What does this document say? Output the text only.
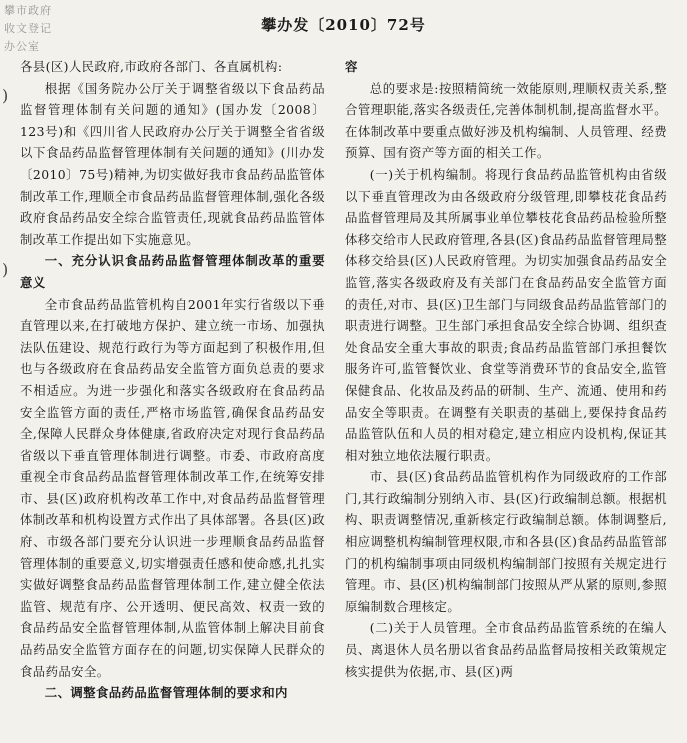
攀市政府
收文登记
办公室
攀办发〔2010〕72号
)
)

各县(区)人民政府,市政府各部门、各直属机构:

根据《国务院办公厅关于调整省级以下食品药品监督管理体制有关问题的通知》(国办发〔2008〕123号)和《四川省人民政府办公厅关于调整全省省级以下食品药品监督管理体制有关问题的通知》(川办发〔2010〕75号)精神,为切实做好我市食品药品监管体制改革工作,理顺全市食品药品监督管理体制,强化各级政府食品药品安全综合监管责任,现就食品药品监管体制改革工作提出如下实施意见。

一、充分认识食品药品监督管理体制改革的重要意义

全市食品药品监管机构自2001年实行省级以下垂直管理以来,在打破地方保护、建立统一市场、加强执法队伍建设、规范行政行为等方面起到了积极作用,但也与各级政府在食品药品安全监管方面负总责的要求不相适应。为进一步强化和落实各级政府在食品药品安全监管方面的责任,严格市场监管,确保食品药品安全,保障人民群众身体健康,省政府决定对现行食品药品省级以下垂直管理体制进行调整。市委、市政府高度重视全市食品药品监督管理体制改革工作,在统筹安排市、县(区)政府机构改革工作中,对食品药品监督管理体制改革和机构设置方式作出了具体部署。各县(区)政府、市级各部门要充分认识进一步理顺食品药品监督管理体制的重要意义,切实增强责任感和使命感,扎扎实实做好调整食品药品监督管理体制工作,建立健全依法监管、规范有序、公开透明、便民高效、权责一致的食品药品安全监督管理体制,从监管体制上解决目前食品药品安全监管方面存在的问题,切实保障人民群众的食品药品安全。

二、调整食品药品监督管理体制的要求和内

容

总的要求是:按照精简统一效能原则,理顺权责关系,整合管理职能,落实各级责任,完善体制机制,提高监督水平。在体制改革中要重点做好涉及机构编制、人员管理、经费预算、国有资产等方面的相关工作。

(一)关于机构编制。将现行食品药品监管机构由省级以下垂直管理改为由各级政府分级管理,即攀枝花食品药品监督管理局及其所属事业单位攀枝花食品药品检验所整体移交给市人民政府管理,各县(区)食品药品监督管理局整体移交给县(区)人民政府管理。为切实加强食品药品安全监管,落实各级政府及有关部门在食品药品安全监管方面的责任,对市、县(区)卫生部门与同级食品药品监管部门的职责进行调整。卫生部门承担食品安全综合协调、组织查处食品安全重大事故的职责;食品药品监管部门承担餐饮服务许可,监管餐饮业、食堂等消费环节的食品安全,监管保健食品、化妆品及药品的研制、生产、流通、使用和药品安全等职责。在调整有关职责的基础上,要保持食品药品监管队伍和人员的相对稳定,建立相应内设机构,保证其相对独立地依法履行职责。

市、县(区)食品药品监管机构作为同级政府的工作部门,其行政编制分别纳入市、县(区)行政编制总额。根据机构、职责调整情况,重新核定行政编制总额。体制调整后,相应调整机构编制管理权限,市和各县(区)食品药品监管部门的机构编制事项由同级机构编制部门按照有关规定进行管理。市、县(区)机构编制部门按照从严从紧的原则,参照原编制数合理核定。

(二)关于人员管理。全市食品药品监管系统的在编人员、离退休人员名册以省食品药品监督局按相关政策规定核实提供为依据,市、县(区)两
